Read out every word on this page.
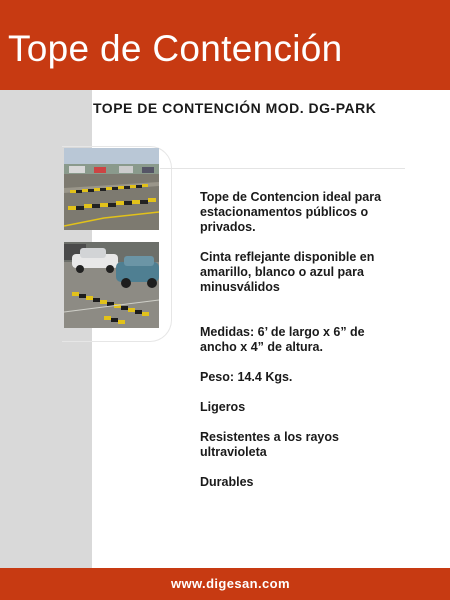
Tope de Contención
TOPE DE CONTENCIÓN MOD. DG-PARK

Tope de Contencion ideal para estacionamentos públicos o privados.

Cinta reflejante disponible en amarillo, blanco o azul para minusválidos

Medidas: 6’ de largo x 6” de ancho x 4” de altura.

Peso: 14.4 Kgs.

Ligeros

Resistentes a los rayos ultravioleta

Durables

www.digesan.com
